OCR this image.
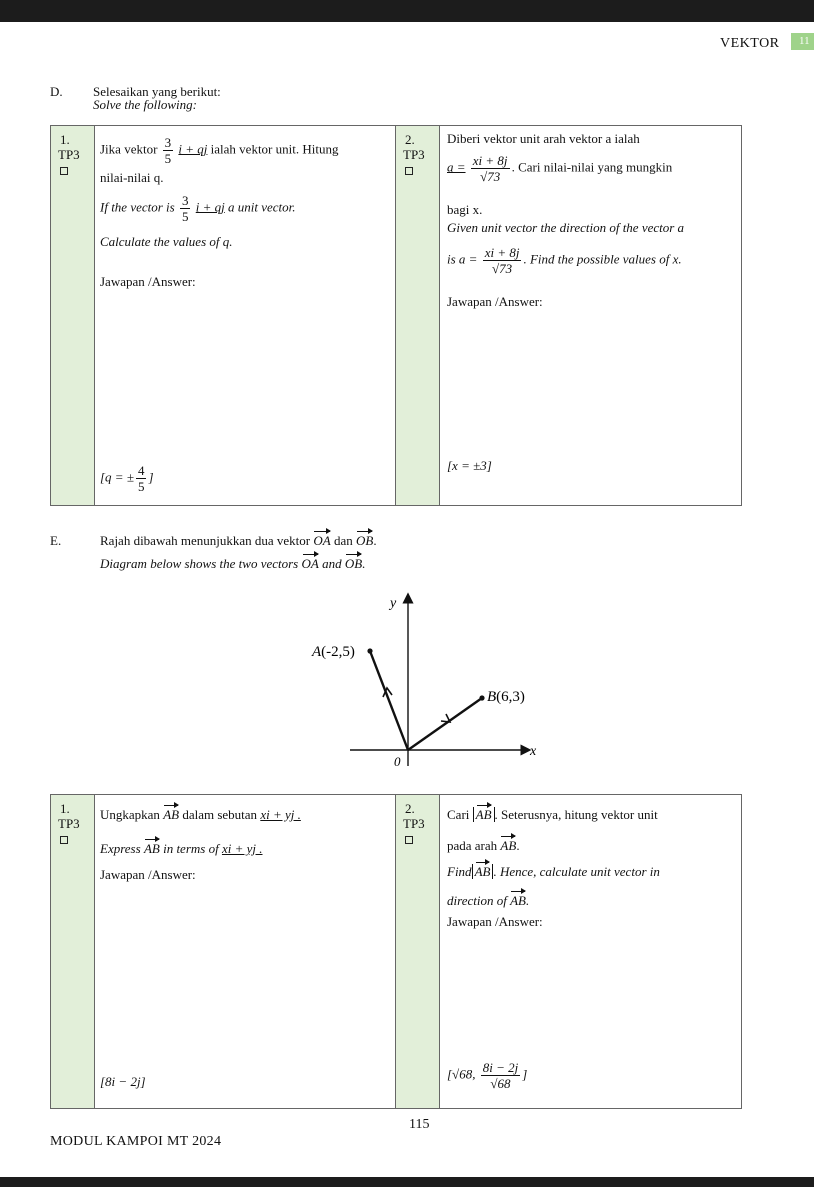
VEKTOR	11
D. Selesaikan yang berikut:
Solve the following:
1.
TP3 Jika vektor $\frac{3}{5}$ i + qj ialah vektor unit. Hitung
nilai-nilai q.
If the vector is $\frac{3}{5}$ i + qj a unit vector.
Calculate the values of q.
Jawapan /Answer:
[q = ± $\frac{4}{5}$ ]
2.
TP3
Diberi vektor unit arah vektor a ialah
$a = \frac{xi + 8j}{√73}$ . Cari nilai-nilai yang mungkin
bagi x.
Given unit vector the direction of the vector a
is $a = \frac{xi + 8j}{√73}$ . Find the possible values of x.
Jawapan /Answer:
[x = ±3]
E.	Rajah dibawah menunjukkan dua vektor OA dan OB.
Diagram below shows the two vectors OA and OB.
y
x
0
A(-2,5)
B(6,3)
1.
TP3
Ungkapkan AB dalam sebutan xi + yj .
Express AB in terms of xi + yj .
Jawapan /Answer:
[8i − 2j]
2.
TP3
Cari AB . Seterusnya, hitung vektor unit
pada arah AB.
Find AB . Hence, calculate unit vector in
direction of AB.
Jawapan /Answer:
[√68, $\frac{8i - 2j}{√68}$ ]
115
MODUL KAMPOI MT 2024
